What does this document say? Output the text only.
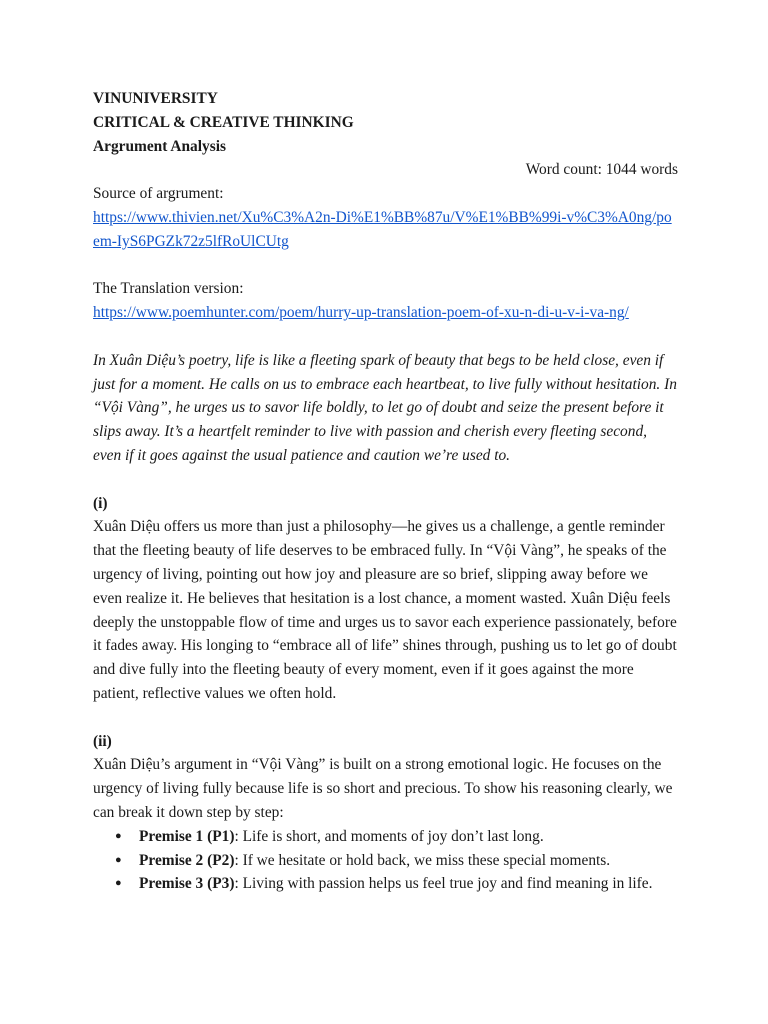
VINUNIVERSITY

CRITICAL & CREATIVE THINKING

Argrument Analysis

Word count: 1044 words

Source of argrument:

https://www.thivien.net/Xu%C3%A2n-Di%E1%BB%87u/V%E1%BB%99i-v%C3%A0ng/poem-IyS6PGZk72z5lfRoUlCUtg

The Translation version:

https://www.poemhunter.com/poem/hurry-up-translation-poem-of-xu-n-di-u-v-i-va-ng/

In Xuân Diệu’s poetry, life is like a fleeting spark of beauty that begs to be held close, even if just for a moment. He calls on us to embrace each heartbeat, to live fully without hesitation. In “Vội Vàng”, he urges us to savor life boldly, to let go of doubt and seize the present before it slips away. It’s a heartfelt reminder to live with passion and cherish every fleeting second, even if it goes against the usual patience and caution we’re used to.

(i)

Xuân Diệu offers us more than just a philosophy—he gives us a challenge, a gentle reminder that the fleeting beauty of life deserves to be embraced fully. In “Vội Vàng”, he speaks of the urgency of living, pointing out how joy and pleasure are so brief, slipping away before we even realize it. He believes that hesitation is a lost chance, a moment wasted. Xuân Diệu feels deeply the unstoppable flow of time and urges us to savor each experience passionately, before it fades away. His longing to “embrace all of life” shines through, pushing us to let go of doubt and dive fully into the fleeting beauty of every moment, even if it goes against the more patient, reflective values we often hold.

(ii)

Xuân Diệu’s argument in “Vội Vàng” is built on a strong emotional logic. He focuses on the urgency of living fully because life is so short and precious. To show his reasoning clearly, we can break it down step by step:

● Premise 1 (P1): Life is short, and moments of joy don’t last long.
● Premise 2 (P2): If we hesitate or hold back, we miss these special moments.
● Premise 3 (P3): Living with passion helps us feel true joy and find meaning in life.
